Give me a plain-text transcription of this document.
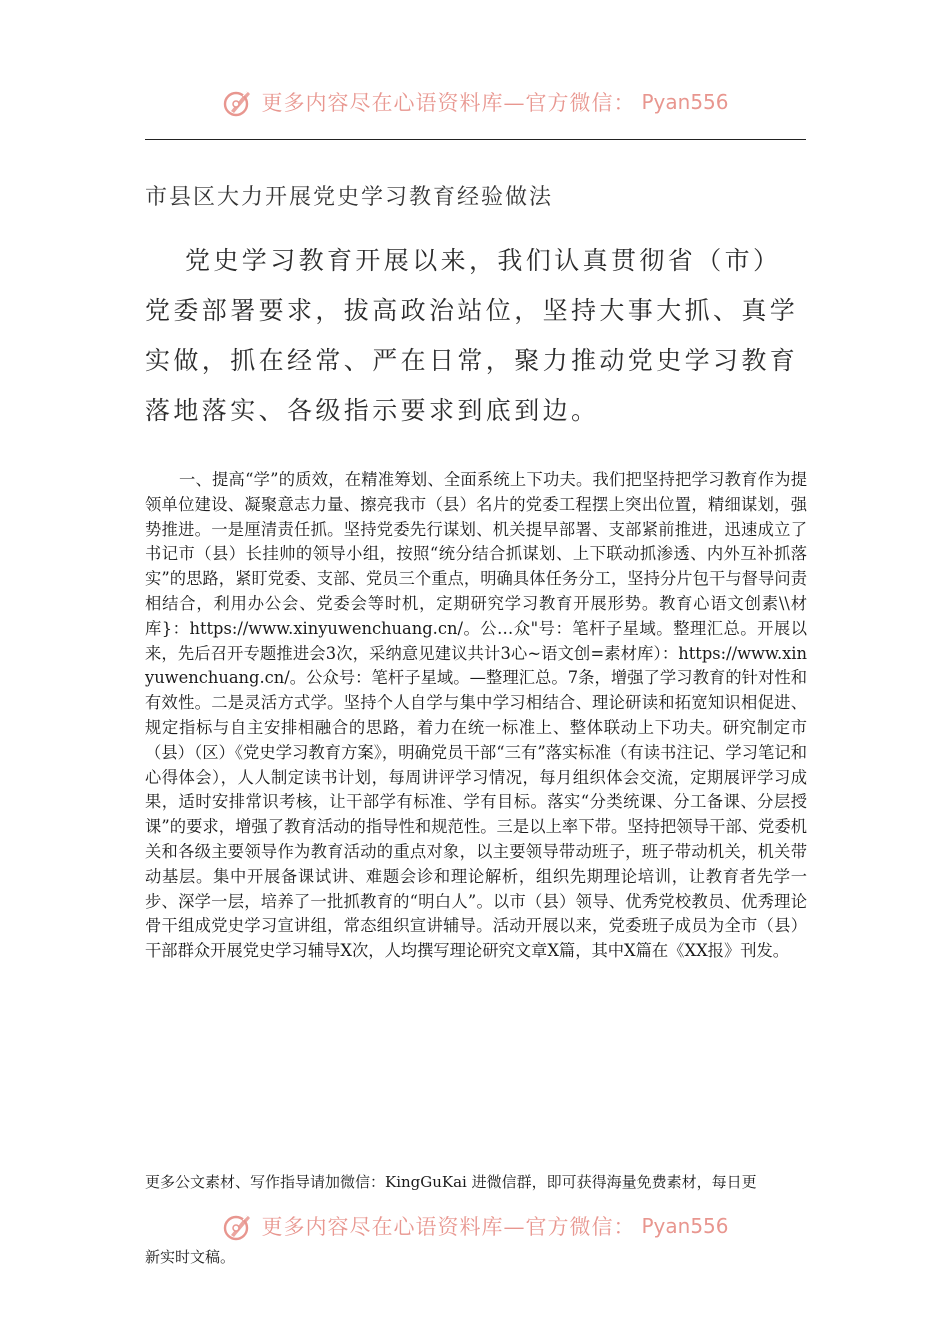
更多内容尽在心语资料库—官方微信： Pyan556
市县区大力开展党史学习教育经验做法

党史学习教育开展以来，我们认真贯彻省（市）党委部署要求，拔高政治站位，坚持大事大抓、真学实做，抓在经常、严在日常，聚力推动党史学习教育落地落实、各级指示要求到底到边。

一、提高“学”的质效，在精准筹划、全面系统上下功夫。我们把坚持把学习教育作为提领单位建设、凝聚意志力量、擦亮我市（县）名片的党委工程摆上突出位置，精细谋划，强势推进。一是厘清责任抓。坚持党委先行谋划、机关提早部署、支部紧前推进，迅速成立了书记市（县）长挂帅的领导小组，按照“统分结合抓谋划、上下联动抓渗透、内外互补抓落实”的思路，紧盯党委、支部、党员三个重点，明确具体任务分工，坚持分片包干与督导问责相结合，利用办公会、党委会等时机，定期研究学习教育开展形势。教育心语文创素\\材库}：https://www.xinyuwenchuang.cn/。公…众"号：笔杆子星域。整理汇总。开展以来，先后召开专题推进会3次，采纳意见建议共计3心~语文创=素材库）：https://www.xinyuwenchuang.cn/。公众号：笔杆子星域。—整理汇总。7条，增强了学习教育的针对性和有效性。二是灵活方式学。坚持个人自学与集中学习相结合、理论研读和拓宽知识相促进、规定指标与自主安排相融合的思路，着力在统一标准上、整体联动上下功夫。研究制定市（县）（区）《党史学习教育方案》，明确党员干部“三有”落实标准（有读书注记、学习笔记和心得体会），人人制定读书计划，每周讲评学习情况，每月组织体会交流，定期展评学习成果，适时安排常识考核，让干部学有标准、学有目标。落实“分类统课、分工备课、分层授课”的要求，增强了教育活动的指导性和规范性。三是以上率下带。坚持把领导干部、党委机关和各级主要领导作为教育活动的重点对象，以主要领导带动班子，班子带动机关，机关带动基层。集中开展备课试讲、难题会诊和理论解析，组织先期理论培训，让教育者先学一步、深学一层，培养了一批抓教育的“明白人”。以市（县）领导、优秀党校教员、优秀理论骨干组成党史学习宣讲组，常态组织宣讲辅导。活动开展以来，党委班子成员为全市（县）干部群众开展党史学习辅导X次，人均撰写理论研究文章X篇，其中X篇在《XX报》刊发。

更多公文素材、写作指导请加微信：KingGuKai 进微信群，即可获得海量免费素材，每日更
更多内容尽在心语资料库—官方微信： Pyan556
新实时文稿。
